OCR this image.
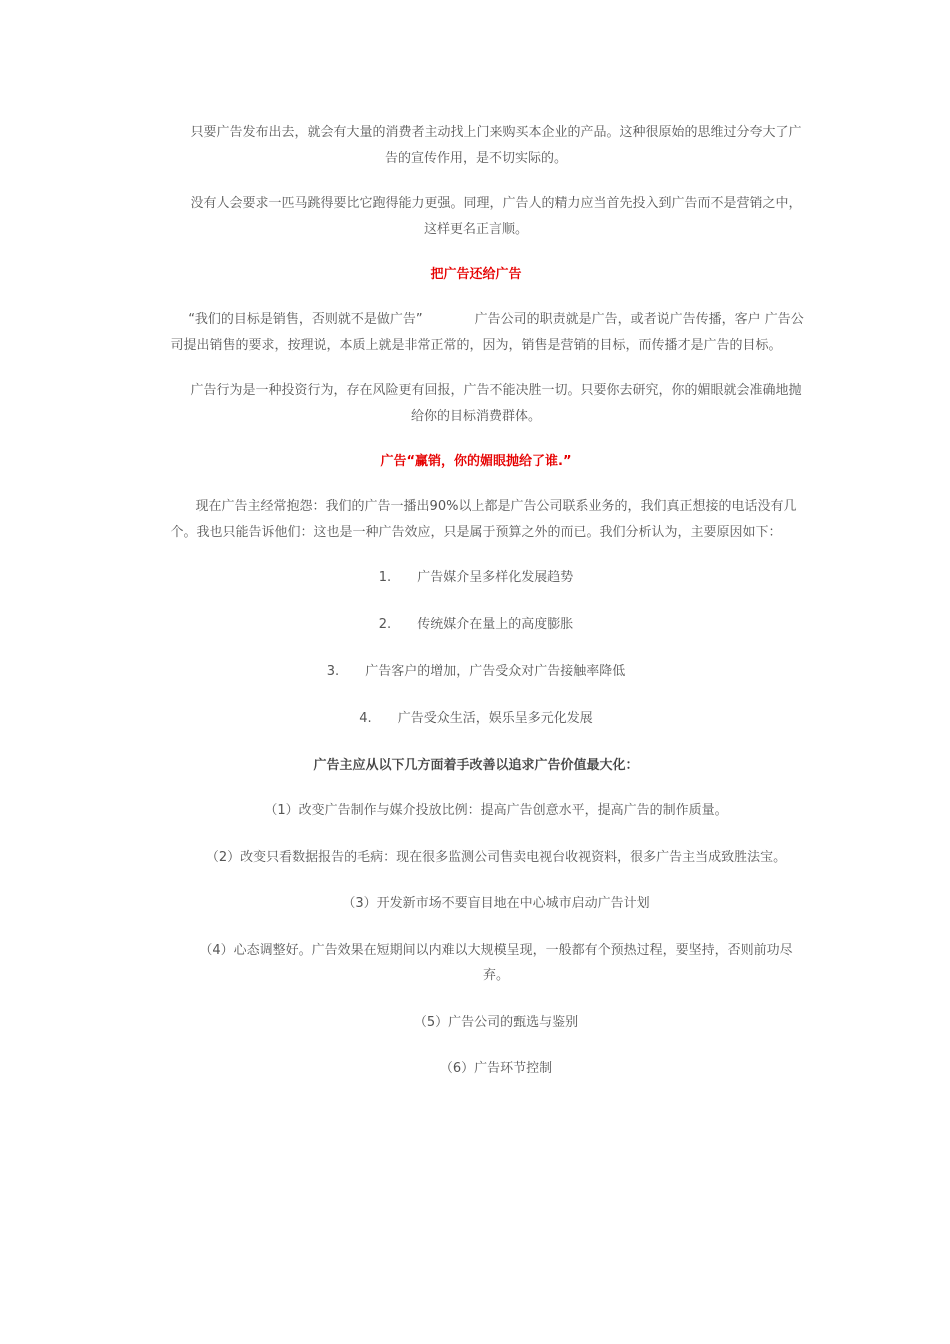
只要广告发布出去，就会有大量的消费者主动找上门来购买本企业的产品。这种很原始的思维过分夸大了广告的宣传作用，是不切实际的。

没有人会要求一匹马跳得要比它跑得能力更强。同理，广告人的精力应当首先投入到广告而不是营销之中，这样更名正言顺。

把广告还给广告

“我们的目标是销售，否则就不是做广告”	广告公司的职责就是广告，或者说广告传播，客户 广告公司提出销售的要求，按理说，本质上就是非常正常的，因为，销售是营销的目标，而传播才是广告的目标。

广告行为是一种投资行为，存在风险更有回报，广告不能决胜一切。只要你去研究，你的媚眼就会准确地抛给你的目标消费群体。

广告“赢销，你的媚眼抛给了谁.”

现在广告主经常抱怨：我们的广告一播出90%以上都是广告公司联系业务的，我们真正想接的电话没有几个。我也只能告诉他们：这也是一种广告效应，只是属于预算之外的而已。我们分析认为，主要原因如下：

1. 广告媒介呈多样化发展趋势

2. 传统媒介在量上的高度膨胀

3. 广告客户的增加，广告受众对广告接触率降低

4. 广告受众生活，娱乐呈多元化发展

广告主应从以下几方面着手改善以追求广告价值最大化：

（1）改变广告制作与媒介投放比例：提高广告创意水平，提高广告的制作质量。

（2）改变只看数据报告的毛病：现在很多监测公司售卖电视台收视资料，很多广告主当成致胜法宝。

（3）开发新市场不要盲目地在中心城市启动广告计划

（4）心态调整好。广告效果在短期间以内难以大规模呈现，一般都有个预热过程，要坚持，否则前功尽弃。

（5）广告公司的甄选与鉴别

（6）广告环节控制
